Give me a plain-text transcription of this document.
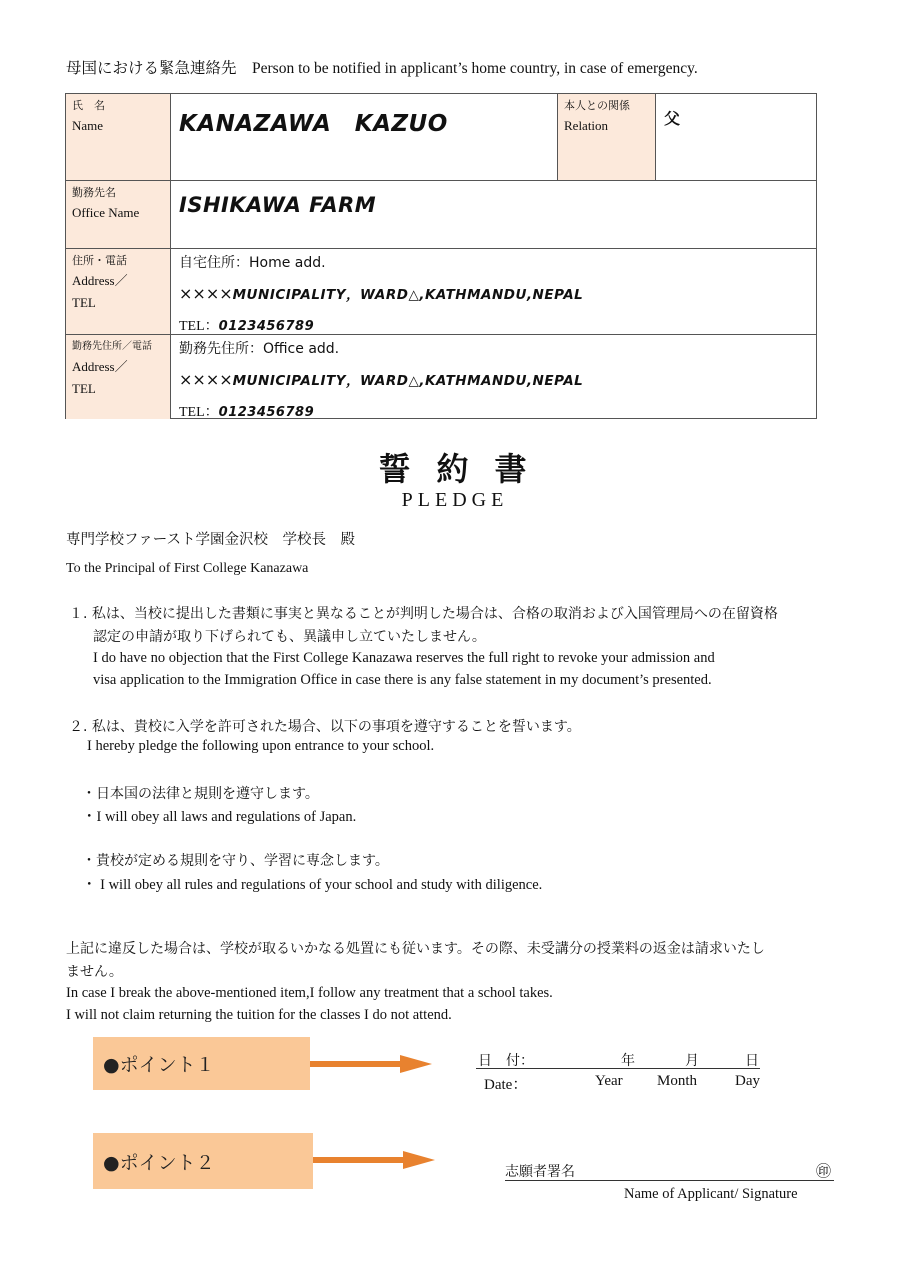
母国における緊急連絡先　Person to be notified in applicant’s home country, in case of emergency.
氏　名
Name	KANAZAWA　KAZUO
本人との関係
Relation	父
勤務先名
Office Name	ISHIKAWA FARM
住所・電話
Address／
TEL
自宅住所：Home add.
××××MUNICIPALITY，WARD△,KATHMANDU,NEPAL
TEL：0123456789
勤務先住所／電話
Address／
TEL
勤務先住所：Office add.
××××MUNICIPALITY，WARD△,KATHMANDU,NEPAL
TEL：0123456789
誓約書
PLEDGE
専門学校ファースト学園金沢校　学校長　殿
To the Principal of First College Kanazawa
１. 私は、当校に提出した書類に事実と異なることが判明した場合は、合格の取消および入国管理局への在留資格
認定の申請が取り下げられても、異議申し立ていたしません。
I do have no objection that the First College Kanazawa reserves the full right to revoke your admission and
visa application to the Immigration Office in case there is any false statement in my document’s presented.
２. 私は、貴校に入学を許可された場合、以下の事項を遵守することを誓います。
I hereby pledge the following upon entrance to your school.
・日本国の法律と規則を遵守します。
・I will obey all laws and regulations of Japan.
・貴校が定める規則を守り、学習に専念します。
・ I will obey all rules and regulations of your school and study with diligence.
上記に違反した場合は、学校が取るいかなる処置にも従います。その際、未受講分の授業料の返金は請求いたし
ません。
In case I break the above-mentioned item,I follow any treatment that a school takes.
I will not claim returning the tuition for the classes I do not attend.
●ポイント１	日　付：	年	月	日
Date：	Year Month	Day
●ポイント２	志願者署名	㊞
Name of Applicant/ Signature
